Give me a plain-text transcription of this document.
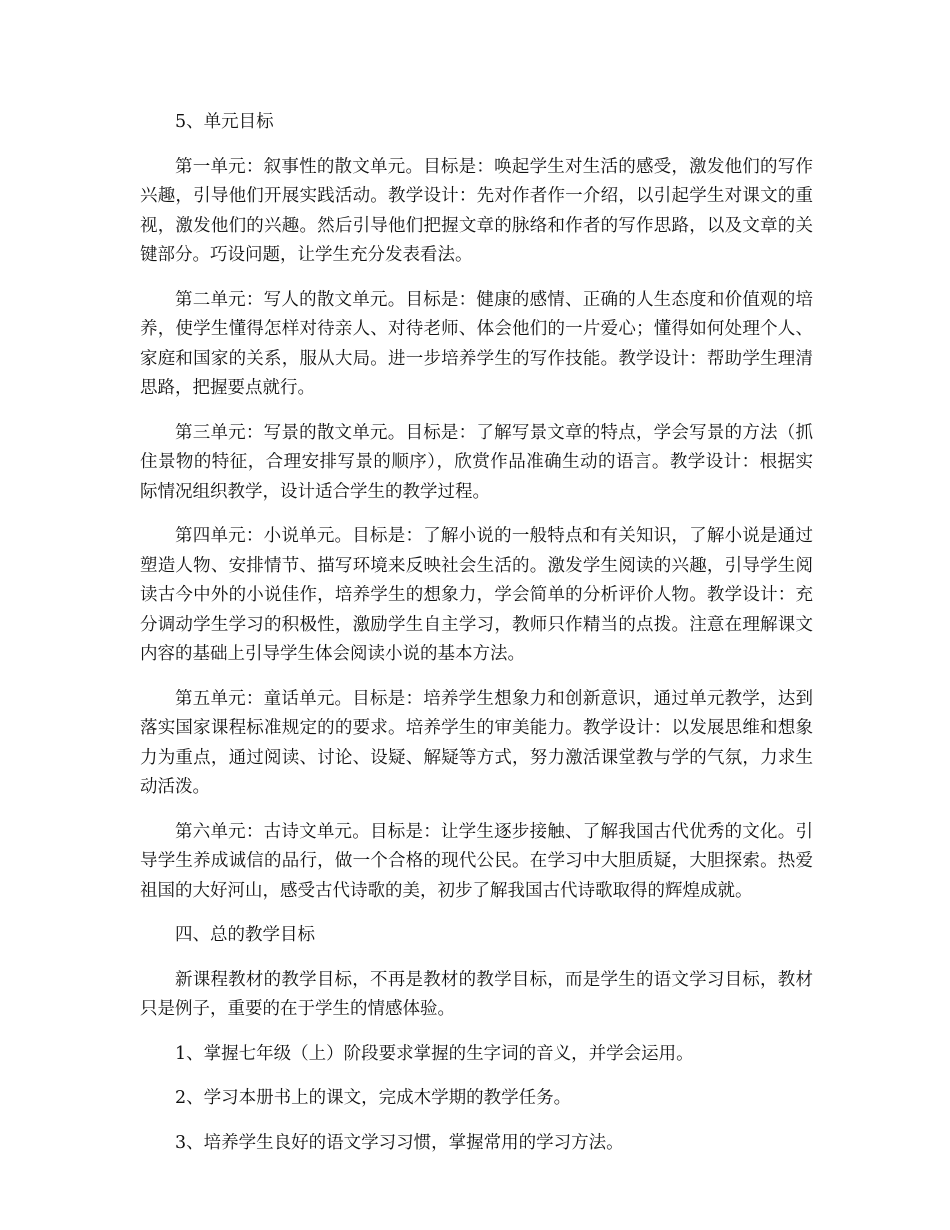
5、单元目标

第一单元：叙事性的散文单元。目标是：唤起学生对生活的感受，激发他们的写作兴趣，引导他们开展实践活动。教学设计：先对作者作一介绍，以引起学生对课文的重视，激发他们的兴趣。然后引导他们把握文章的脉络和作者的写作思路，以及文章的关键部分。巧设问题，让学生充分发表看法。

第二单元：写人的散文单元。目标是：健康的感情、正确的人生态度和价值观的培养，使学生懂得怎样对待亲人、对待老师、体会他们的一片爱心；懂得如何处理个人、家庭和国家的关系，服从大局。进一步培养学生的写作技能。教学设计：帮助学生理清思路，把握要点就行。

第三单元：写景的散文单元。目标是：了解写景文章的特点，学会写景的方法（抓住景物的特征，合理安排写景的顺序），欣赏作品准确生动的语言。教学设计：根据实际情况组织教学，设计适合学生的教学过程。

第四单元：小说单元。目标是：了解小说的一般特点和有关知识，了解小说是通过塑造人物、安排情节、描写环境来反映社会生活的。激发学生阅读的兴趣，引导学生阅读古今中外的小说佳作，培养学生的想象力，学会简单的分析评价人物。教学设计：充分调动学生学习的积极性，激励学生自主学习，教师只作精当的点拨。注意在理解课文内容的基础上引导学生体会阅读小说的基本方法。

第五单元：童话单元。目标是：培养学生想象力和创新意识，通过单元教学，达到落实国家课程标准规定的的要求。培养学生的审美能力。教学设计：以发展思维和想象力为重点，通过阅读、讨论、设疑、解疑等方式，努力激活课堂教与学的气氛，力求生动活泼。

第六单元：古诗文单元。目标是：让学生逐步接触、了解我国古代优秀的文化。引导学生养成诚信的品行，做一个合格的现代公民。在学习中大胆质疑，大胆探索。热爱祖国的大好河山，感受古代诗歌的美，初步了解我国古代诗歌取得的辉煌成就。

四、总的教学目标

新课程教材的教学目标，不再是教材的教学目标，而是学生的语文学习目标，教材只是例子，重要的在于学生的情感体验。

1、掌握七年级（上）阶段要求掌握的生字词的音义，并学会运用。

2、学习本册书上的课文，完成木学期的教学任务。

3、培养学生良好的语文学习习惯，掌握常用的学习方法。
